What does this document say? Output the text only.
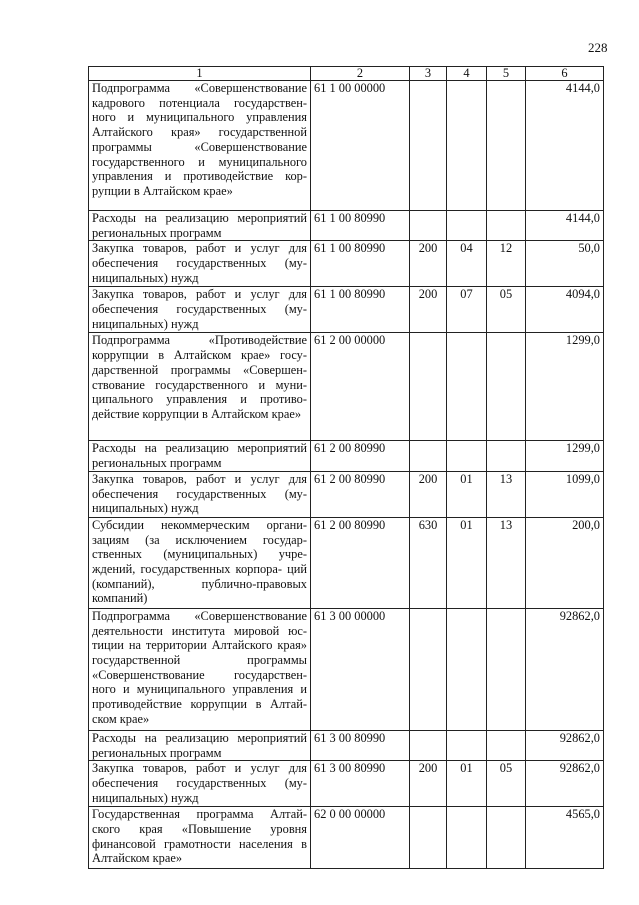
228
1	2	3	4	5	6
Подпрограмма «Совершенствование кадрового потенциала государствен- ного и муниципального управления Алтайского края» государственной программы «Совершенствование государственного и муниципального управления и противодействие кор- рупции в Алтайском крае»	61 1 00 00000				4144,0
Расходы на реализацию мероприятий региональных программ	61 1 00 80990				4144,0
Закупка товаров, работ и услуг для обеспечения государственных (му- ниципальных) нужд	61 1 00 80990	200	04	12	50,0
Закупка товаров, работ и услуг для обеспечения государственных (му- ниципальных) нужд	61 1 00 80990	200	07	05	4094,0
Подпрограмма «Противодействие коррупции в Алтайском крае» госу- дарственной программы «Совершен- ствование государственного и муни- ципального управления и противо- действие коррупции в Алтайском крае»	61 2 00 00000				1299,0
Расходы на реализацию мероприятий региональных программ	61 2 00 80990				1299,0
Закупка товаров, работ и услуг для обеспечения государственных (му- ниципальных) нужд	61 2 00 80990	200	01	13	1099,0
Субсидии некоммерческим органи- зациям (за исключением государ- ственных (муниципальных) учре- ждений, государственных корпора- ций (компаний), публично-правовых компаний)	61 2 00 80990	630	01	13	200,0
Подпрограмма «Совершенствование деятельности института мировой юс- тиции на территории Алтайского края» государственной программы «Совершенствование государствен- ного и муниципального управления и противодействие коррупции в Алтай- ском крае»	61 3 00 00000				92862,0
Расходы на реализацию мероприятий региональных программ	61 3 00 80990				92862,0
Закупка товаров, работ и услуг для обеспечения государственных (му- ниципальных) нужд	61 3 00 80990	200	01	05	92862,0
Государственная программа Алтай- ского края «Повышение уровня финансовой грамотности населения в Алтайском крае»	62 0 00 00000				4565,0
